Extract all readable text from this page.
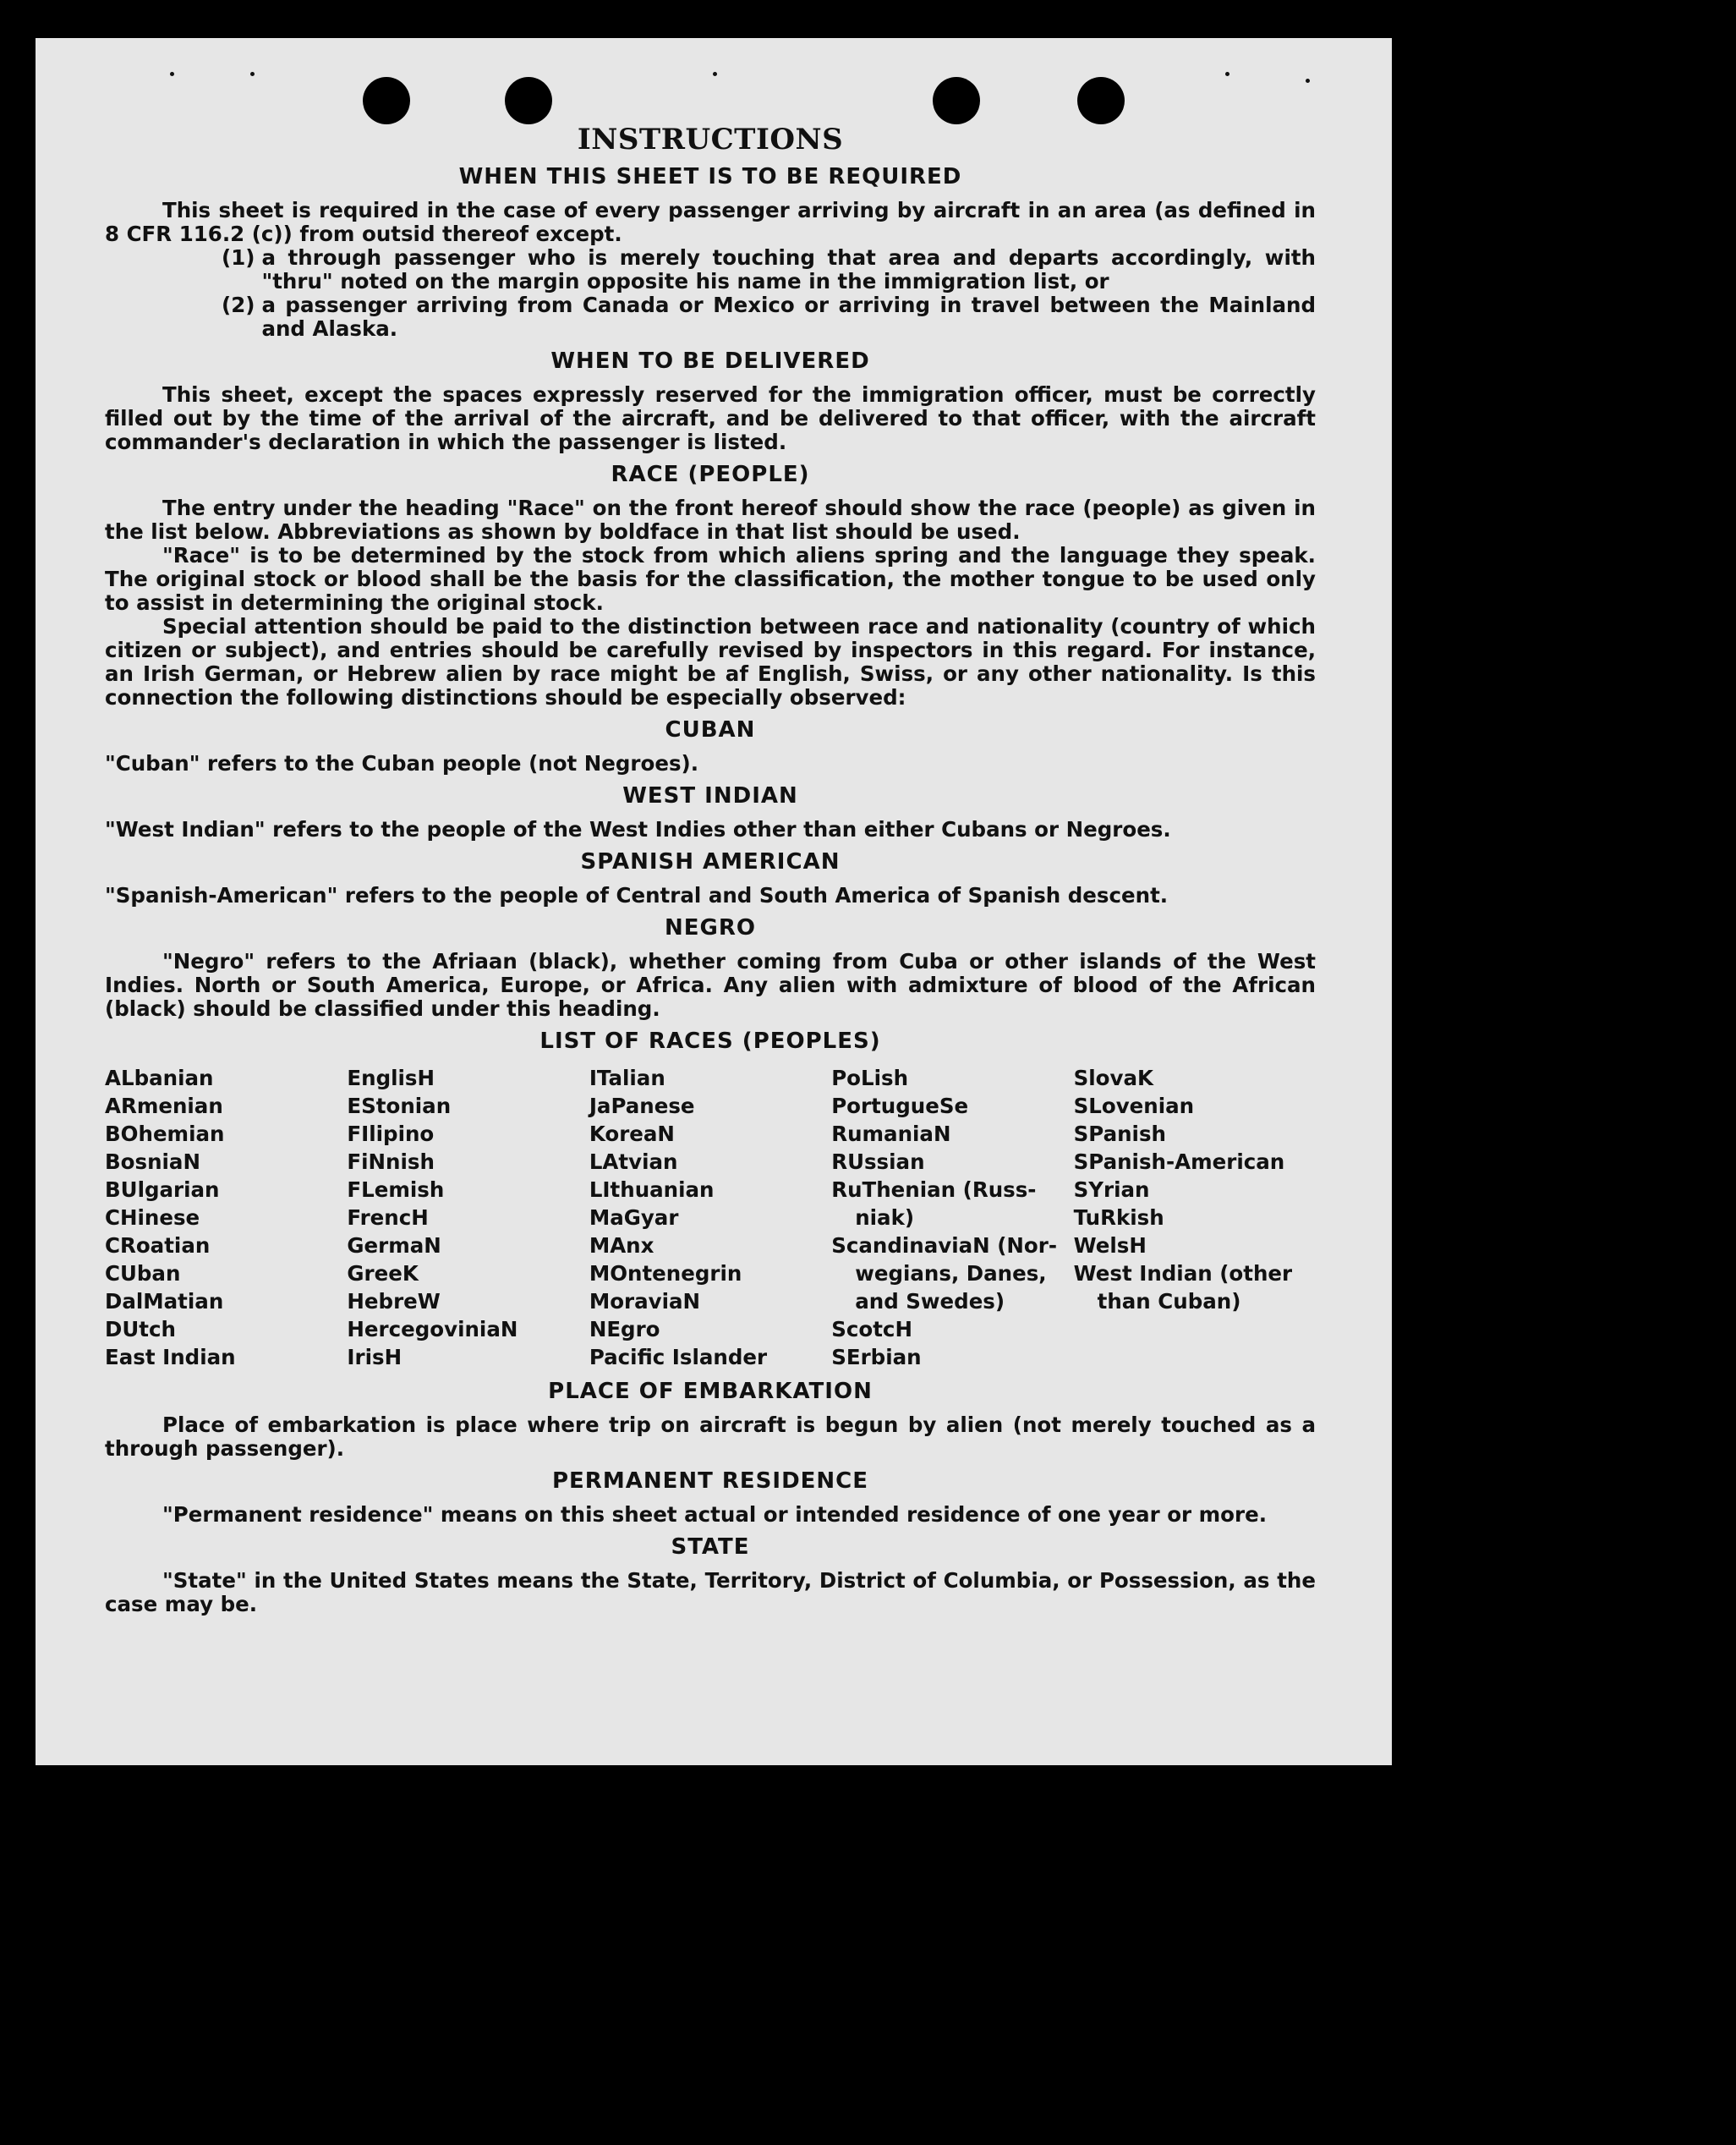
INSTRUCTIONS
WHEN THIS SHEET IS TO BE REQUIRED

This sheet is required in the case of every passenger arriving by aircraft in an area (as defined in 8 CFR 116.2 (c)) from outsid thereof except.

(1) a through passenger who is merely touching that area and departs accordingly, with "thru" noted on the margin opposite his name in the immigration list, or
(2) a passenger arriving from Canada or Mexico or arriving in travel between the Mainland and Alaska.
WHEN TO BE DELIVERED

This sheet, except the spaces expressly reserved for the immigration officer, must be correctly filled out by the time of the arrival of the aircraft, and be delivered to that officer, with the aircraft commander's declaration in which the passenger is listed.

RACE (PEOPLE)

The entry under the heading "Race" on the front hereof should show the race (people) as given in the list below. Abbreviations as shown by boldface in that list should be used.

"Race" is to be determined by the stock from which aliens spring and the language they speak. The original stock or blood shall be the basis for the classification, the mother tongue to be used only to assist in determining the original stock.

Special attention should be paid to the distinction between race and nationality (country of which citizen or subject), and entries should be carefully revised by inspectors in this regard. For instance, an Irish German, or Hebrew alien by race might be af English, Swiss, or any other nationality. Is this connection the following distinctions should be especially observed:

CUBAN

"Cuban" refers to the Cuban people (not Negroes).

WEST INDIAN

"West Indian" refers to the people of the West Indies other than either Cubans or Negroes.

SPANISH AMERICAN

"Spanish-American" refers to the people of Central and South America of Spanish descent.

NEGRO

"Negro" refers to the Afriaan (black), whether coming from Cuba or other islands of the West Indies. North or South America, Europe, or Africa. Any alien with admixture of blood of the African (black) should be classified under this heading.

LIST OF RACES (PEOPLES)
ALbanian
ARmenian
BOhemian
BosniaN
BUlgarian
CHinese
CRoatian
CUban
DalMatian
DUtch
East Indian
EnglisH
EStonian
FIlipino
FiNnish
FLemish
FrencH
GermaN
GreeK
HebreW
HercegoviniaN
IrisH
ITalian
JaPanese
KoreaN
LAtvian
LIthuanian
MaGyar
MAnx
MOntenegrin
MoraviaN
NEgro
Pacific Islander
PoLish
PortugueSe
RumaniaN
RUssian
RuThenian (Russ-
niak)
ScandinaviaN (Nor-
wegians, Danes,
and Swedes)
ScotcH
SErbian
SlovaK
SLovenian
SPanish
SPanish-American
SYrian
TuRkish
WelsH
West Indian (other
than Cuban)
PLACE OF EMBARKATION

Place of embarkation is place where trip on aircraft is begun by alien (not merely touched as a through passenger).

PERMANENT RESIDENCE

"Permanent residence" means on this sheet actual or intended residence of one year or more.

STATE

"State" in the United States means the State, Territory, District of Columbia, or Possession, as the case may be.
